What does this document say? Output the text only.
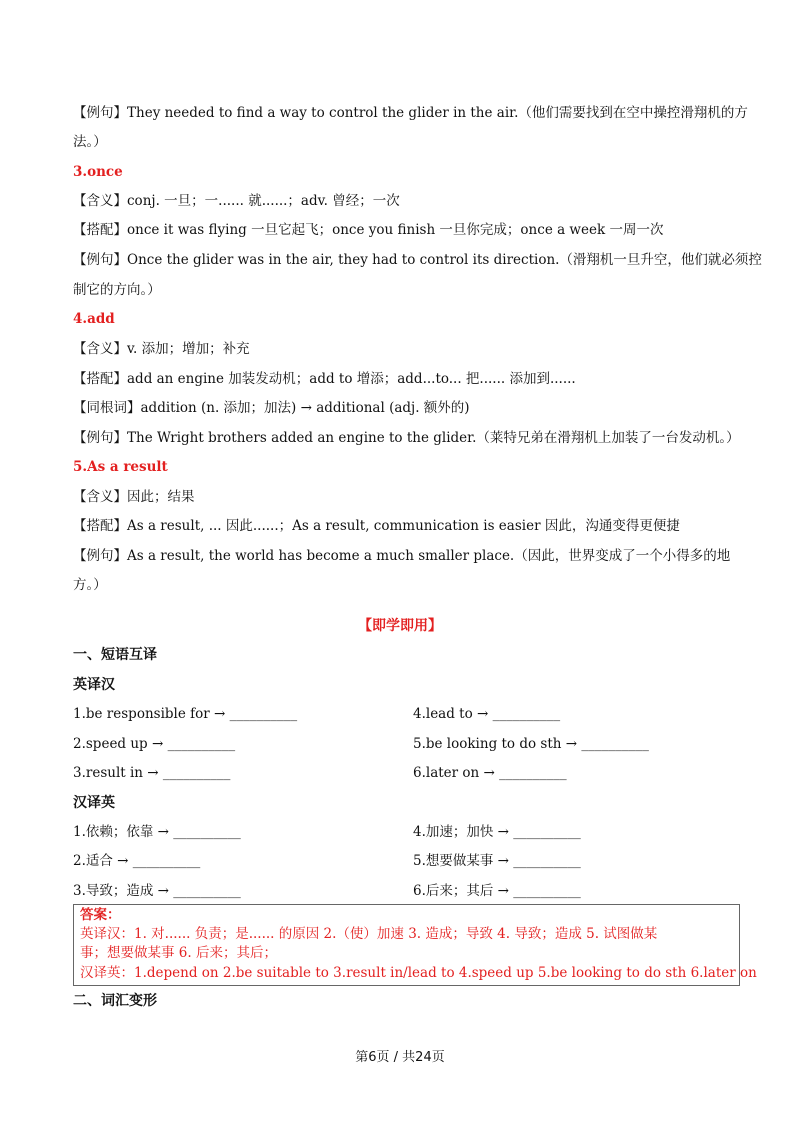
【例句】They needed to find a way to control the glider in the air.（他们需要找到在空中操控滑翔机的方
法。）
3.once
【含义】conj. 一旦；一...... 就......；adv. 曾经；一次
【搭配】once it was flying 一旦它起飞；once you finish 一旦你完成；once a week 一周一次
【例句】Once the glider was in the air, they had to control its direction.（滑翔机一旦升空，他们就必须控
制它的方向。）
4.add
【含义】v. 添加；增加；补充
【搭配】add an engine 加装发动机；add to 增添；add...to... 把...... 添加到......
【同根词】addition (n. 添加；加法) → additional (adj. 额外的)
【例句】The Wright brothers added an engine to the glider.（莱特兄弟在滑翔机上加装了一台发动机。）
5.As a result
【含义】因此；结果
【搭配】As a result, ... 因此......；As a result, communication is easier 因此，沟通变得更便捷
【例句】As a result, the world has become a much smaller place.（因此，世界变成了一个小得多的地
方。）
【即学即用】
一、短语互译
英译汉
1.be responsible for → __________	4.lead to → __________
2.speed up → __________	5.be looking to do sth → __________
3.result in → __________	6.later on → __________
汉译英
1.依赖；依靠 → __________	4.加速；加快 → __________
2.适合 → __________	5.想要做某事 → __________
3.导致；造成 → __________	6.后来；其后 → __________
答案：
英译汉：1. 对...... 负责；是...... 的原因 2.（使）加速 3. 造成；导致 4. 导致；造成 5. 试图做某
事；想要做某事 6. 后来；其后；
汉译英：1.depend on 2.be suitable to 3.result in/lead to 4.speed up 5.be looking to do sth 6.later on
二、词汇变形
第6页 / 共24页
